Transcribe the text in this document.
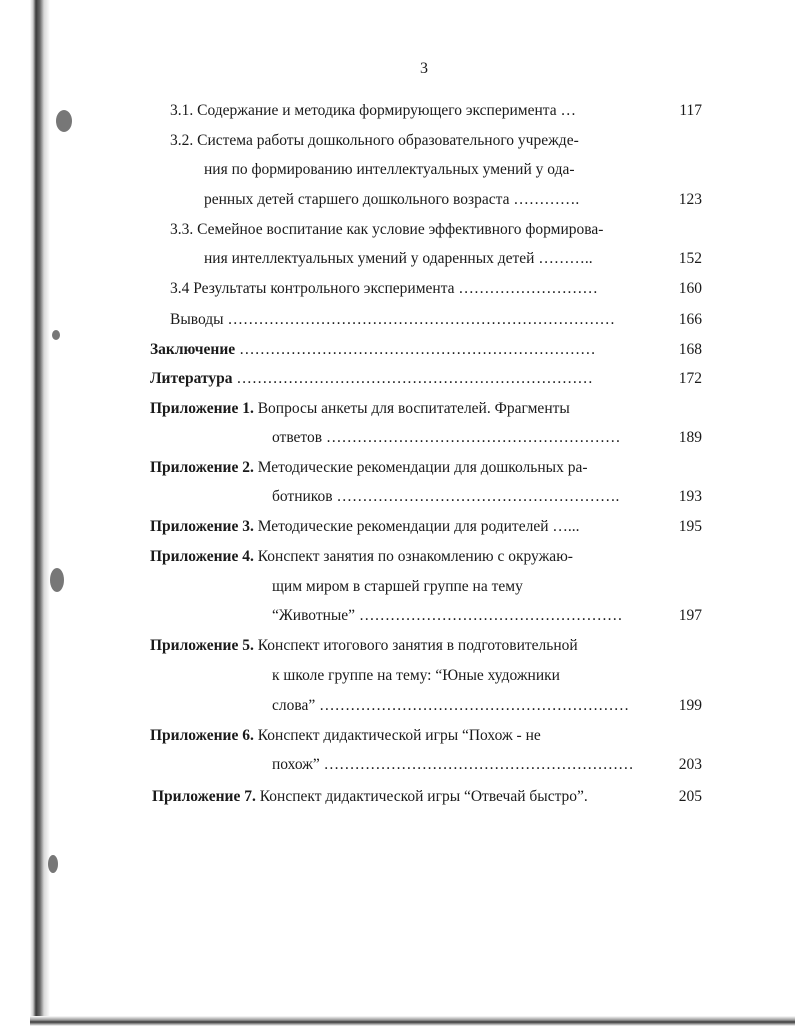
3
3.1. Содержание и методика формирующего эксперимента …	117
3.2. Система работы дошкольного образовательного учрежде-
ния по формированию интеллектуальных умений у ода-
ренных детей старшего дошкольного возраста ………….	123
3.3. Семейное воспитание как условие эффективного формирова-
ния интеллектуальных умений у одаренных детей ………..	152
3.4 Результаты контрольного эксперимента ………………………	160
Выводы …………………………………………………………………	166
Заключение ……………………………………………………………	168
Литература ……………………………………………………………	172
Приложение 1. Вопросы анкеты для воспитателей. Фрагменты
ответов …………………………………………………	189
Приложение 2. Методические рекомендации для дошкольных ра-
ботников ……………………………………………….	193
Приложение 3. Методические рекомендации для родителей …...	195
Приложение 4. Конспект занятия по ознакомлению с окружаю-
щим миром в старшей группе на тему
“Животные” ……………………………………………	197
Приложение 5. Конспект итогового занятия в подготовительной
к школе группе на тему: “Юные художники
слова” ……………………………………………………	199
Приложение 6. Конспект дидактической игры “Похож - не
похож” ……………………………………………………	203
Приложение 7. Конспект дидактической игры “Отвечай быстро”.	205
